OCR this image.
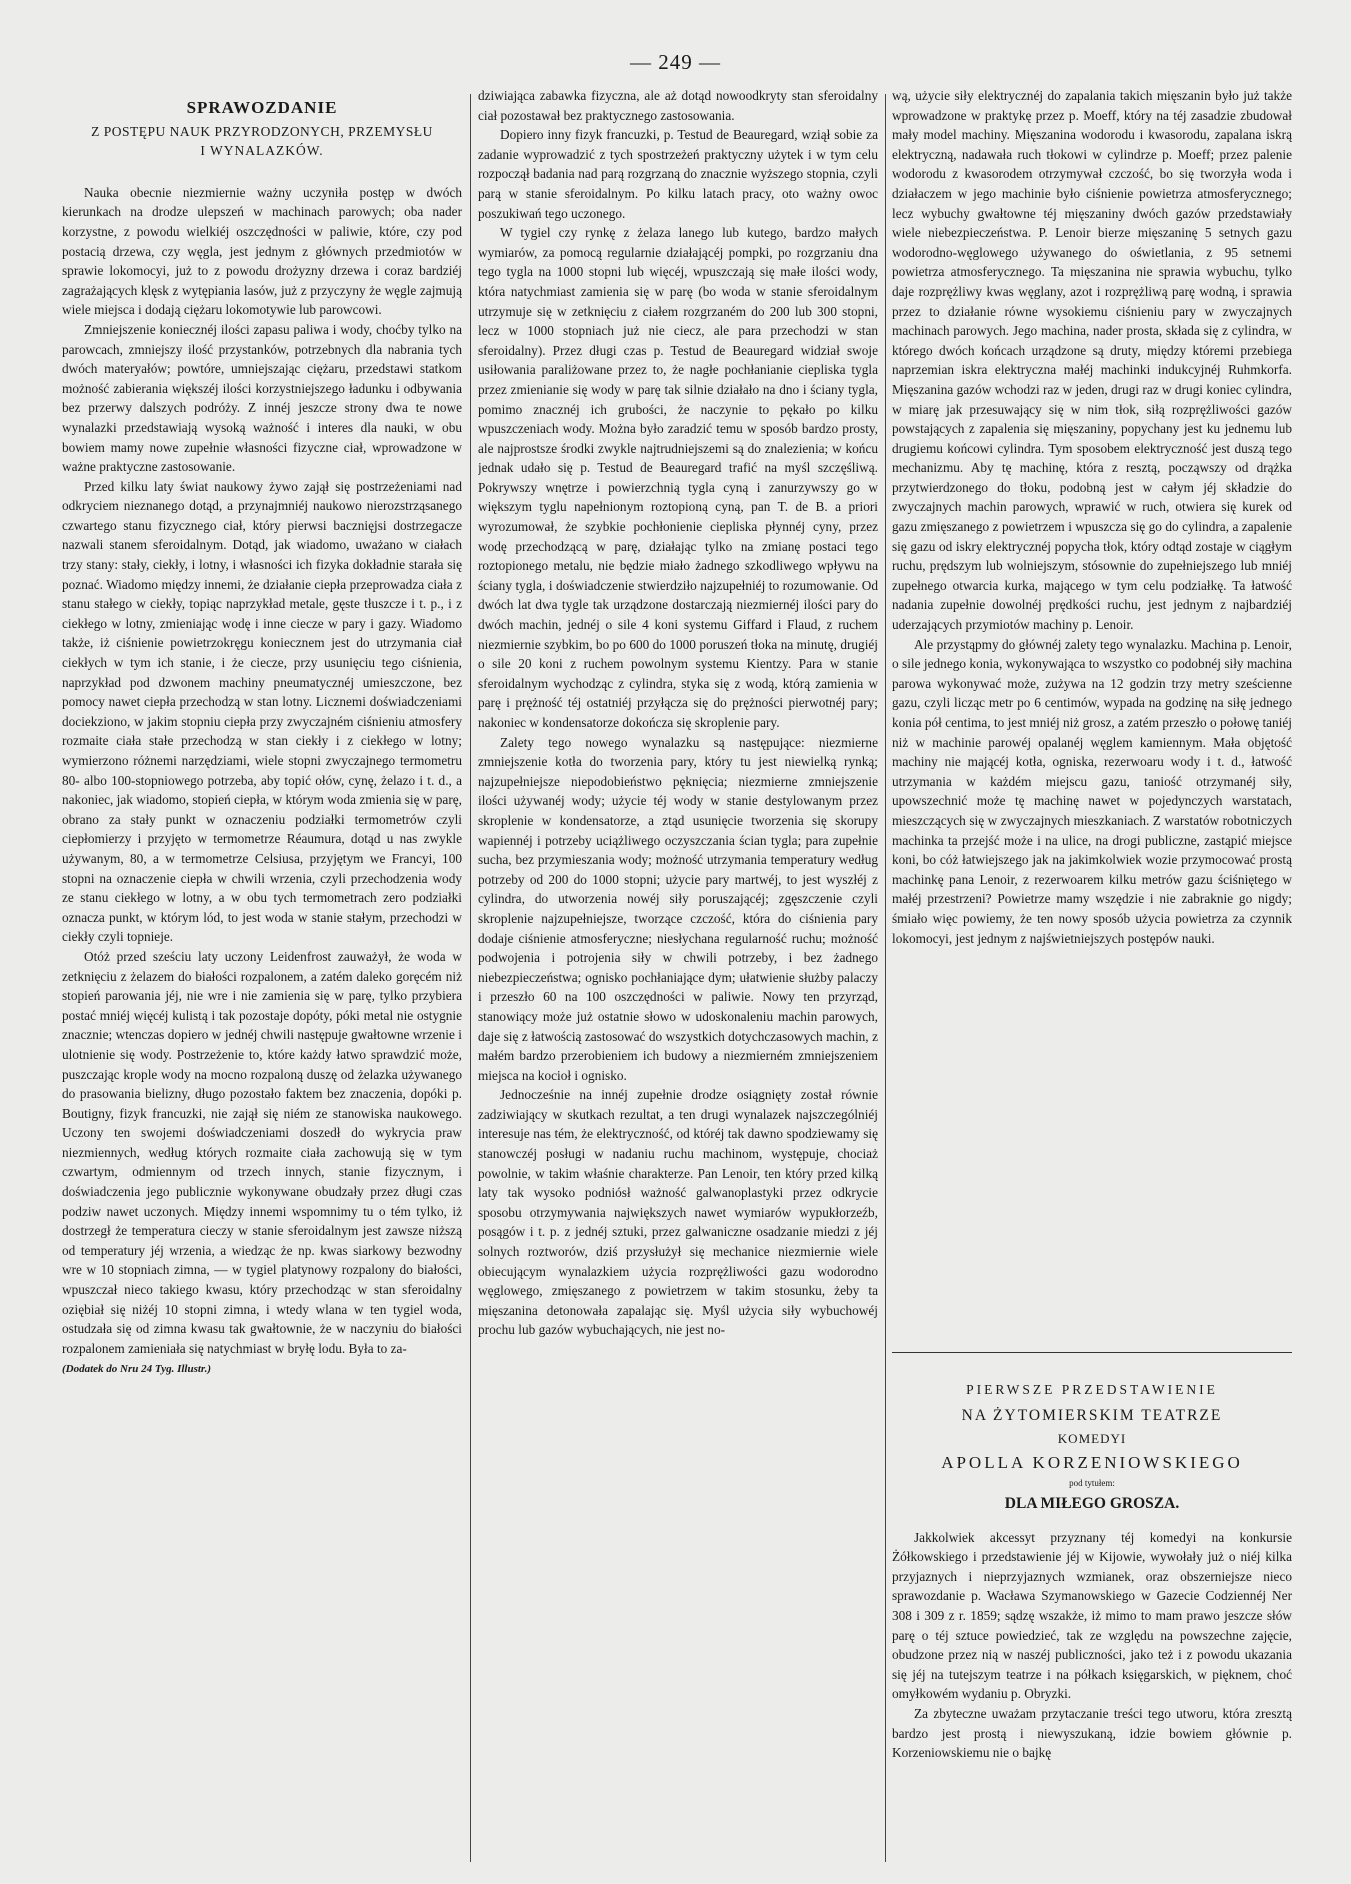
— 249 —

SPRAWOZDANIE

Z POSTĘPU NAUK PRZYRODZONYCH, PRZEMYSŁU

I WYNALAZKÓW.

Nauka obecnie niezmiernie ważny uczyniła postęp w dwóch kierunkach na drodze ulepszeń w machinach parowych; oba nader korzystne, z powodu wielkiéj oszczędności w paliwie, które, czy pod postacią drzewa, czy węgla, jest jednym z głównych przedmiotów w sprawie lokomocyi, już to z powodu drożyzny drzewa i coraz bardziéj zagrażających klęsk z wytępiania lasów, już z przyczyny że węgle zajmują wiele miejsca i dodają ciężaru lokomotywie lub parowcowi.

Zmniejszenie koniecznéj ilości zapasu paliwa i wody, choćby tylko na parowcach, zmniejszy ilość przystanków, potrzebnych dla nabrania tych dwóch materyałów; powtóre, umniejszając ciężaru, przedstawi statkom możność zabierania większéj ilości korzystniejszego ładunku i odbywania bez przerwy dalszych podróży. Z innéj jeszcze strony dwa te nowe wynalazki przedstawiają wysoką ważność i interes dla nauki, w obu bowiem mamy nowe zupełnie własności fizyczne ciał, wprowadzone w ważne praktyczne zastosowanie.

Przed kilku laty świat naukowy żywo zajął się postrzeżeniami nad odkryciem nieznanego dotąd, a przynajmniéj naukowo nierozstrząsanego czwartego stanu fizycznego ciał, który pierwsi bacznięjsi dostrzegacze nazwali stanem sferoidalnym. Dotąd, jak wiadomo, uważano w ciałach trzy stany: stały, ciekły, i lotny, i własności ich fizyka dokładnie starała się poznać. Wiadomo między innemi, że działanie ciepła przeprowadza ciała z stanu stałego w ciekły, topiąc naprzykład metale, gęste tłuszcze i t. p., i z ciekłego w lotny, zmieniając wodę i inne ciecze w pary i gazy. Wiadomo także, iż ciśnienie powietrzokręgu koniecznem jest do utrzymania ciał ciekłych w tym ich stanie, i że ciecze, przy usunięciu tego ciśnienia, naprzykład pod dzwonem machiny pneumatycznéj umieszczone, bez pomocy nawet ciepła przechodzą w stan lotny. Licznemi doświadczeniami dociekziono, w jakim stopniu ciepła przy zwyczajném ciśnieniu atmosfery rozmaite ciała stałe przechodzą w stan ciekły i z ciekłego w lotny; wymierzono różnemi narzędziami, wiele stopni zwyczajnego termometru 80- albo 100-stopniowego potrzeba, aby topić ołów, cynę, żelazo i t. d., a nakoniec, jak wiadomo, stopień ciepła, w którym woda zmienia się w parę, obrano za stały punkt w oznaczeniu podziałki termometrów czyli ciepłomierzy i przyjęto w termometrze Réaumura, dotąd u nas zwykle używanym, 80, a w termometrze Celsiusa, przyjętym we Francyi, 100 stopni na oznaczenie ciepła w chwili wrzenia, czyli przechodzenia wody ze stanu ciekłego w lotny, a w obu tych termometrach zero podziałki oznacza punkt, w którym lód, to jest woda w stanie stałym, przechodzi w ciekły czyli topnieje.

Otóż przed sześciu laty uczony Leidenfrost zauważył, że woda w zetknięciu z żelazem do białości rozpalonem, a zatém daleko goręcém niż stopień parowania jéj, nie wre i nie zamienia się w parę, tylko przybiera postać mniéj więcéj kulistą i tak pozostaje dopóty, póki metal nie ostygnie znacznie; wtenczas dopiero w jednéj chwili następuje gwałtowne wrzenie i ulotnienie się wody. Postrzeżenie to, które każdy łatwo sprawdzić może, puszczając krople wody na mocno rozpaloną duszę od żelazka używanego do prasowania bielizny, długo pozostało faktem bez znaczenia, dopóki p. Boutigny, fizyk francuzki, nie zajął się niém ze stanowiska naukowego. Uczony ten swojemi doświadczeniami doszedł do wykrycia praw niezmiennych, według których rozmaite ciała zachowują się w tym czwartym, odmiennym od trzech innych, stanie fizycznym, i doświadczenia jego publicznie wykonywane obudzały przez długi czas podziw nawet uczonych. Między innemi wspomnimy tu o tém tylko, iż dostrzegł że temperatura cieczy w stanie sferoidalnym jest zawsze niższą od temperatury jéj wrzenia, a wiedząc że np. kwas siarkowy bezwodny wre w 10 stopniach zimna, — w tygiel platynowy rozpalony do białości, wpuszczał nieco takiego kwasu, który przechodząc w stan sferoidalny oziębiał się niżéj 10 stopni zimna, i wtedy wlana w ten tygiel woda, ostudzała się od zimna kwasu tak gwałtownie, że w naczyniu do białości rozpalonem zamieniała się natychmiast w bryłę lodu. Była to za-

(Dodatek do Nru 24 Tyg. Illustr.)

dziwiająca zabawka fizyczna, ale aż dotąd nowoodkryty stan sferoidalny ciał pozostawał bez praktycznego zastosowania.

Dopiero inny fizyk francuzki, p. Testud de Beauregard, wziął sobie za zadanie wyprowadzić z tych spostrzeżeń praktyczny użytek i w tym celu rozpoczął badania nad parą rozgrzaną do znacznie wyższego stopnia, czyli parą w stanie sferoidalnym. Po kilku latach pracy, oto ważny owoc poszukiwań tego uczonego.

W tygiel czy rynkę z żelaza lanego lub kutego, bardzo małych wymiarów, za pomocą regularnie działającéj pompki, po rozgrzaniu dna tego tygla na 1000 stopni lub więcéj, wpuszczają się małe ilości wody, która natychmiast zamienia się w parę (bo woda w stanie sferoidalnym utrzymuje się w zetknięciu z ciałem rozgrzaném do 200 lub 300 stopni, lecz w 1000 stopniach już nie ciecz, ale para przechodzi w stan sferoidalny). Przez długi czas p. Testud de Beauregard widział swoje usiłowania paraliżowane przez to, że nagłe pochłanianie ciepliska tygla przez zmienianie się wody w parę tak silnie działało na dno i ściany tygla, pomimo znacznéj ich grubości, że naczynie to pękało po kilku wpuszczeniach wody. Można było zaradzić temu w sposób bardzo prosty, ale najprostsze środki zwykle najtrudniejszemi są do znalezienia; w końcu jednak udało się p. Testud de Beauregard trafić na myśl szczęśliwą. Pokrywszy wnętrze i powierzchnią tygla cyną i zanurzywszy go w większym tyglu napełnionym roztopioną cyną, pan T. de B. a priori wyrozumował, że szybkie pochłonienie ciepliska płynnéj cyny, przez wodę przechodzącą w parę, działając tylko na zmianę postaci tego roztopionego metalu, nie będzie miało żadnego szkodliwego wpływu na ściany tygla, i doświadczenie stwierdziło najzupełniéj to rozumowanie. Od dwóch lat dwa tygle tak urządzone dostarczają niezmiernéj ilości pary do dwóch machin, jednéj o sile 4 koni systemu Giffard i Flaud, z ruchem niezmiernie szybkim, bo po 600 do 1000 poruszeń tłoka na minutę, drugiéj o sile 20 koni z ruchem powolnym systemu Kientzy. Para w stanie sferoidalnym wychodząc z cylindra, styka się z wodą, którą zamienia w parę i prężność téj ostatniéj przyłącza się do prężności pierwotnéj pary; nakoniec w kondensatorze dokończa się skroplenie pary.

Zalety tego nowego wynalazku są następujące: niezmierne zmniejszenie kotła do tworzenia pary, który tu jest niewielką rynką; najzupełniejsze niepodobieństwo pęknięcia; niezmierne zmniejszenie ilości używanéj wody; użycie téj wody w stanie destylowanym przez skroplenie w kondensatorze, a ztąd usunięcie tworzenia się skorupy wapiennéj i potrzeby uciążliwego oczyszczania ścian tygla; para zupełnie sucha, bez przymieszania wody; możność utrzymania temperatury według potrzeby od 200 do 1000 stopni; użycie pary martwéj, to jest wyszłéj z cylindra, do utworzenia nowéj siły poruszającéj; zgęszczenie czyli skroplenie najzupełniejsze, tworzące czczość, która do ciśnienia pary dodaje ciśnienie atmosferyczne; niesłychana regularność ruchu; możność podwojenia i potrojenia siły w chwili potrzeby, i bez żadnego niebezpieczeństwa; ognisko pochłaniające dym; ułatwienie służby palaczy i przeszło 60 na 100 oszczędności w paliwie. Nowy ten przyrząd, stanowiący może już ostatnie słowo w udoskonaleniu machin parowych, daje się z łatwością zastosować do wszystkich dotychczasowych machin, z małém bardzo przerobieniem ich budowy a niezmierném zmniejszeniem miejsca na kocioł i ognisko.

Jednocześnie na innéj zupełnie drodze osiągnięty został równie zadziwiający w skutkach rezultat, a ten drugi wynalazek najszczególniéj interesuje nas tém, że elektryczność, od któréj tak dawno spodziewamy się stanowczéj posługi w nadaniu ruchu machinom, występuje, chociaż powolnie, w takim właśnie charakterze. Pan Lenoir, ten który przed kilką laty tak wysoko podniósł ważność galwanoplastyki przez odkrycie sposobu otrzymywania największych nawet wymiarów wypukłorzeźb, posągów i t. p. z jednéj sztuki, przez galwaniczne osadzanie miedzi z jéj solnych roztworów, dziś przysłużył się mechanice niezmiernie wiele obiecującym wynalazkiem użycia rozprężliwości gazu wodorodno węglowego, zmięszanego z powietrzem w takim stosunku, żeby ta mięszanina detonowała zapalając się. Myśl użycia siły wybuchowéj prochu lub gazów wybuchających, nie jest no-

wą, użycie siły elektrycznéj do zapalania takich mięszanin było już także wprowadzone w praktykę przez p. Moeff, który na téj zasadzie zbudował mały model machiny. Mięszanina wodorodu i kwasorodu, zapalana iskrą elektryczną, nadawała ruch tłokowi w cylindrze p. Moeff; przez palenie wodorodu z kwasorodem otrzymywał czczość, bo się tworzyła woda i działaczem w jego machinie było ciśnienie powietrza atmosferycznego; lecz wybuchy gwałtowne téj mięszaniny dwóch gazów przedstawiały wiele niebezpieczeństwa. P. Lenoir bierze mięszaninę 5 setnych gazu wodorodno-węglowego używanego do oświetlania, z 95 setnemi powietrza atmosferycznego. Ta mięszanina nie sprawia wybuchu, tylko daje rozprężliwy kwas węglany, azot i rozprężliwą parę wodną, i sprawia przez to działanie równe wysokiemu ciśnieniu pary w zwyczajnych machinach parowych. Jego machina, nader prosta, składa się z cylindra, w którego dwóch końcach urządzone są druty, między któremi przebiega naprzemian iskra elektryczna małéj machinki indukcyjnéj Ruhmkorfa. Mięszanina gazów wchodzi raz w jeden, drugi raz w drugi koniec cylindra, w miarę jak przesuwający się w nim tłok, siłą rozprężliwości gazów powstających z zapalenia się mięszaniny, popychany jest ku jednemu lub drugiemu końcowi cylindra. Tym sposobem elektryczność jest duszą tego mechanizmu. Aby tę machinę, która z resztą, począwszy od drążka przytwierdzonego do tłoku, podobną jest w całym jéj składzie do zwyczajnych machin parowych, wprawić w ruch, otwiera się kurek od gazu zmięszanego z powietrzem i wpuszcza się go do cylindra, a zapalenie się gazu od iskry elektrycznéj popycha tłok, który odtąd zostaje w ciągłym ruchu, prędszym lub wolniejszym, stósownie do zupełniejszego lub mniéj zupełnego otwarcia kurka, mającego w tym celu podziałkę. Ta łatwość nadania zupełnie dowolnéj prędkości ruchu, jest jednym z najbardziéj uderzających przymiotów machiny p. Lenoir.

Ale przystąpmy do głównéj zalety tego wynalazku. Machina p. Lenoir, o sile jednego konia, wykonywająca to wszystko co podobnéj siły machina parowa wykonywać może, zużywa na 12 godzin trzy metry sześcienne gazu, czyli licząc metr po 6 centimów, wypada na godzinę na siłę jednego konia pół centima, to jest mniéj niż grosz, a zatém przeszło o połowę taniéj niż w machinie parowéj opalanéj węglem kamiennym. Mała objętość machiny nie mającéj kotła, ogniska, rezerwoaru wody i t. d., łatwość utrzymania w każdém miejscu gazu, taniość otrzymanéj siły, upowszechnić może tę machinę nawet w pojedynczych warstatach, mieszczących się w zwyczajnych mieszkaniach. Z warstatów robotniczych machinka ta przejść może i na ulice, na drogi publiczne, zastąpić miejsce koni, bo cóż łatwiejszego jak na jakimkolwiek wozie przymocować prostą machinkę pana Lenoir, z rezerwoarem kilku metrów gazu ściśniętego w małéj przestrzeni? Powietrze mamy wszędzie i nie zabraknie go nigdy; śmiało więc powiemy, że ten nowy sposób użycia powietrza za czynnik lokomocyi, jest jednym z najświetniejszych postępów nauki.

PIERWSZE PRZEDSTAWIENIE

NA ŻYTOMIERSKIM TEATRZE

KOMEDYI

APOLLA KORZENIOWSKIEGO

pod tytułem:

DLA MIŁEGO GROSZA.

Jakkolwiek akcessyt przyznany téj komedyi na konkursie Żółkowskiego i przedstawienie jéj w Kijowie, wywołały już o niéj kilka przyjaznych i nieprzyjaznych wzmianek, oraz obszerniejsze nieco sprawozdanie p. Wacława Szymanowskiego w Gazecie Codziennéj Ner 308 i 309 z r. 1859; sądzę wszakże, iż mimo to mam prawo jeszcze słów parę o téj sztuce powiedzieć, tak ze względu na powszechne zajęcie, obudzone przez nią w naszéj publiczności, jako też i z powodu ukazania się jéj na tutejszym teatrze i na półkach księgarskich, w pięknem, choć omyłkowém wydaniu p. Obryzki.

Za zbyteczne uważam przytaczanie treści tego utworu, która zresztą bardzo jest prostą i niewyszukaną, idzie bowiem głównie p. Korzeniowskiemu nie o bajkę
